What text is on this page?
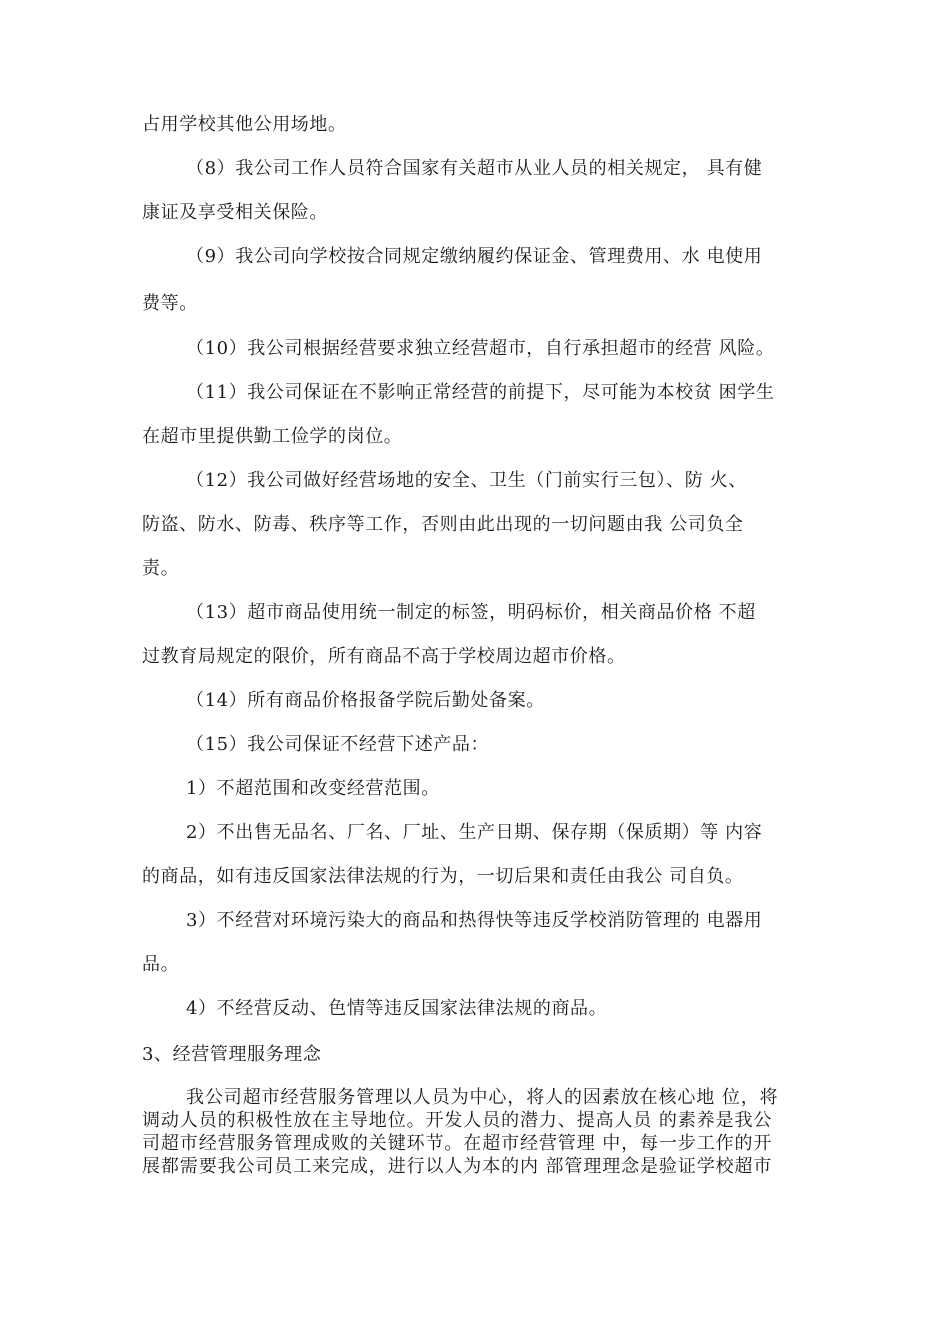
占用学校其他公用场地。
（8）我公司工作人员符合国家有关超市从业人员的相关规定， 具有健
康证及享受相关保险。
（9）我公司向学校按合同规定缴纳履约保证金、管理费用、水 电使用
费等。
（10）我公司根据经营要求独立经营超市，自行承担超市的经营 风险。
（11）我公司保证在不影响正常经营的前提下，尽可能为本校贫 困学生
在超市里提供勤工俭学的岗位。
（12）我公司做好经营场地的安全、卫生（门前实行三包）、防 火、
防盗、防水、防毒、秩序等工作，否则由此出现的一切问题由我 公司负全
责。
（13）超市商品使用统一制定的标签，明码标价，相关商品价格 不超
过教育局规定的限价，所有商品不高于学校周边超市价格。
（14）所有商品价格报备学院后勤处备案。
（15）我公司保证不经营下述产品：
1）不超范围和改变经营范围。
2）不出售无品名、厂名、厂址、生产日期、保存期（保质期）等 内容
的商品，如有违反国家法律法规的行为，一切后果和责任由我公 司自负。
3）不经营对环境污染大的商品和热得快等违反学校消防管理的 电器用
品。
4）不经营反动、色情等违反国家法律法规的商品。
3、经营管理服务理念
我公司超市经营服务管理以人员为中心，将人的因素放在核心地 位，将
调动人员的积极性放在主导地位。开发人员的潜力、提高人员 的素养是我公
司超市经营服务管理成败的关键环节。在超市经营管理 中，每一步工作的开
展都需要我公司员工来完成，进行以人为本的内 部管理理念是验证学校超市
